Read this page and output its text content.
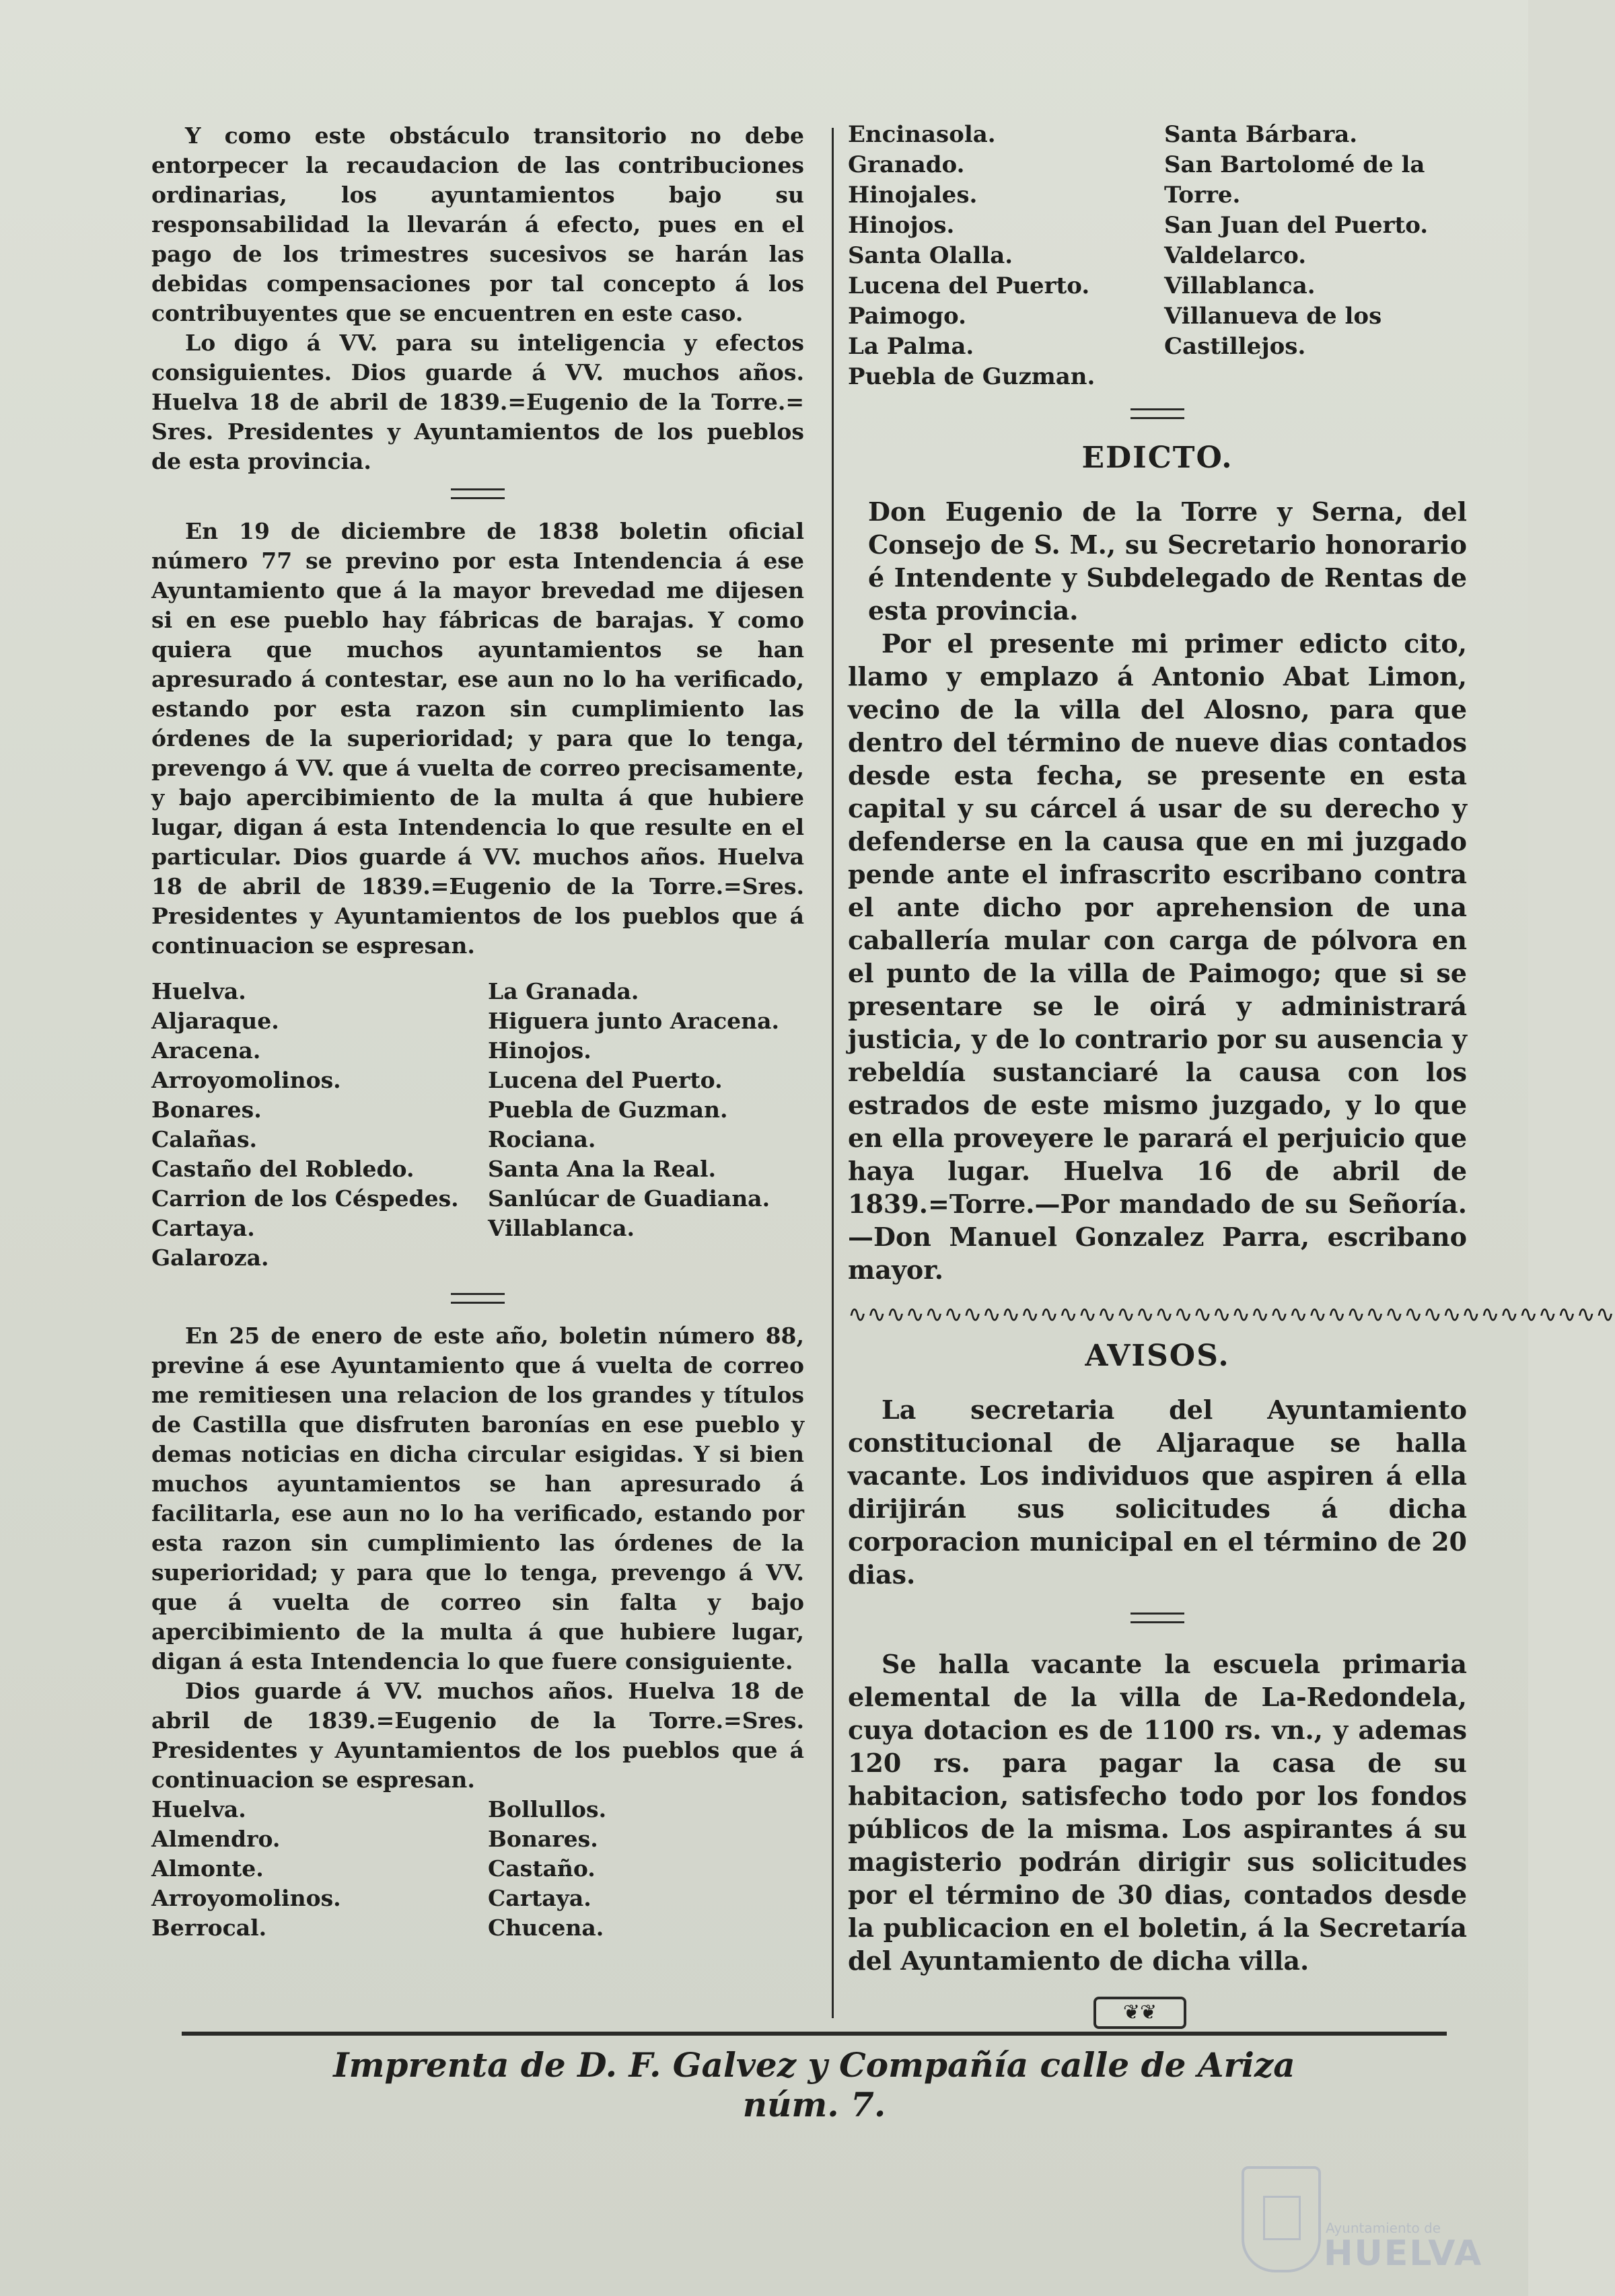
Y como este obstáculo transitorio no debe entorpecer la recaudacion de las contribuciones ordinarias, los ayuntamientos bajo su responsabilidad la llevarán á efecto, pues en el pago de los trimestres sucesivos se harán las debidas compensaciones por tal concepto á los contribuyentes que se encuentren en este caso.

Lo digo á VV. para su inteligencia y efectos consiguientes. Dios guarde á VV. muchos años. Huelva 18 de abril de 1839.=Eugenio de la Torre.= Sres. Presidentes y Ayuntamientos de los pueblos de esta provincia.

En 19 de diciembre de 1838 boletin oficial número 77 se previno por esta Intendencia á ese Ayuntamiento que á la mayor brevedad me dijesen si en ese pueblo hay fábricas de barajas. Y como quiera que muchos ayuntamientos se han apresurado á contestar, ese aun no lo ha verificado, estando por esta razon sin cumplimiento las órdenes de la superioridad; y para que lo tenga, prevengo á VV. que á vuelta de correo precisamente, y bajo apercibimiento de la multa á que hubiere lugar, digan á esta Intendencia lo que resulte en el particular. Dios guarde á VV. muchos años. Huelva 18 de abril de 1839.=Eugenio de la Torre.=Sres. Presidentes y Ayuntamientos de los pueblos que á continuacion se espresan.

Huelva.
Aljaraque.
Aracena.
Arroyomolinos.
Bonares.
Calañas.
Castaño del Robledo.
Carrion de los Céspedes.
Cartaya.
Galaroza.
La Granada.
Higuera junto Aracena.
Hinojos.
Lucena del Puerto.
Puebla de Guzman.
Rociana.
Santa Ana la Real.
Sanlúcar de Guadiana.
Villablanca.

En 25 de enero de este año, boletin número 88, previne á ese Ayuntamiento que á vuelta de correo me remitiesen una relacion de los grandes y títulos de Castilla que disfruten baronías en ese pueblo y demas noticias en dicha circular esigidas. Y si bien muchos ayuntamientos se han apresurado á facilitarla, ese aun no lo ha verificado, estando por esta razon sin cumplimiento las órdenes de la superioridad; y para que lo tenga, prevengo á VV. que á vuelta de correo sin falta y bajo apercibimiento de la multa á que hubiere lugar, digan á esta Intendencia lo que fuere consiguiente.

Dios guarde á VV. muchos años. Huelva 18 de abril de 1839.=Eugenio de la Torre.=Sres. Presidentes y Ayuntamientos de los pueblos que á continuacion se espresan.

Huelva.
Almendro.
Almonte.
Arroyomolinos.
Berrocal.
Bollullos.
Bonares.
Castaño.
Cartaya.
Chucena.
Encinasola.
Granado.
Hinojales.
Hinojos.
Santa Olalla.
Lucena del Puerto.
Paimogo.
La Palma.
Puebla de Guzman.
Santa Bárbara.
San Bartolomé de la Torre.
San Juan del Puerto.
Valdelarco.
Villablanca.
Villanueva de los Castillejos.
EDICTO.

Don Eugenio de la Torre y Serna, del Consejo de S. M., su Secretario honorario é Intendente y Subdelegado de Rentas de esta provincia.

Por el presente mi primer edicto cito, llamo y emplazo á Antonio Abat Limon, vecino de la villa del Alosno, para que dentro del término de nueve dias contados desde esta fecha, se presente en esta capital y su cárcel á usar de su derecho y defenderse en la causa que en mi juzgado pende ante el infrascrito escribano contra el ante dicho por aprehension de una caballería mular con carga de pólvora en el punto de la villa de Paimogo; que si se presentare se le oirá y administrará justicia, y de lo contrario por su ausencia y rebeldía sustanciaré la causa con los estrados de este mismo juzgado, y lo que en ella proveyere le parará el perjuicio que haya lugar. Huelva 16 de abril de 1839.=Torre.—Por mandado de su Señoría.—Don Manuel Gonzalez Parra, escribano mayor.

∿∿∿∿∿∿∿∿∿∿∿∿∿∿∿∿∿∿∿∿∿∿∿∿∿∿∿∿∿∿∿∿∿∿∿∿∿∿∿∿
AVISOS.

La secretaria del Ayuntamiento constitucional de Aljaraque se halla vacante. Los individuos que aspiren á ella dirijirán sus solicitudes á dicha corporacion municipal en el término de 20 dias.

Se halla vacante la escuela primaria elemental de la villa de La-Redondela, cuya dotacion es de 1100 rs. vn., y ademas 120 rs. para pagar la casa de su habitacion, satisfecho todo por los fondos públicos de la misma. Los aspirantes á su magisterio podrán dirigir sus solicitudes por el término de 30 dias, contados desde la publicacion en el boletin, á la Secretaría del Ayuntamiento de dicha villa.

❦❦
Imprenta de D. F. Galvez y Compañía calle de Ariza núm. 7.
Ayuntamiento de
HUELVA
